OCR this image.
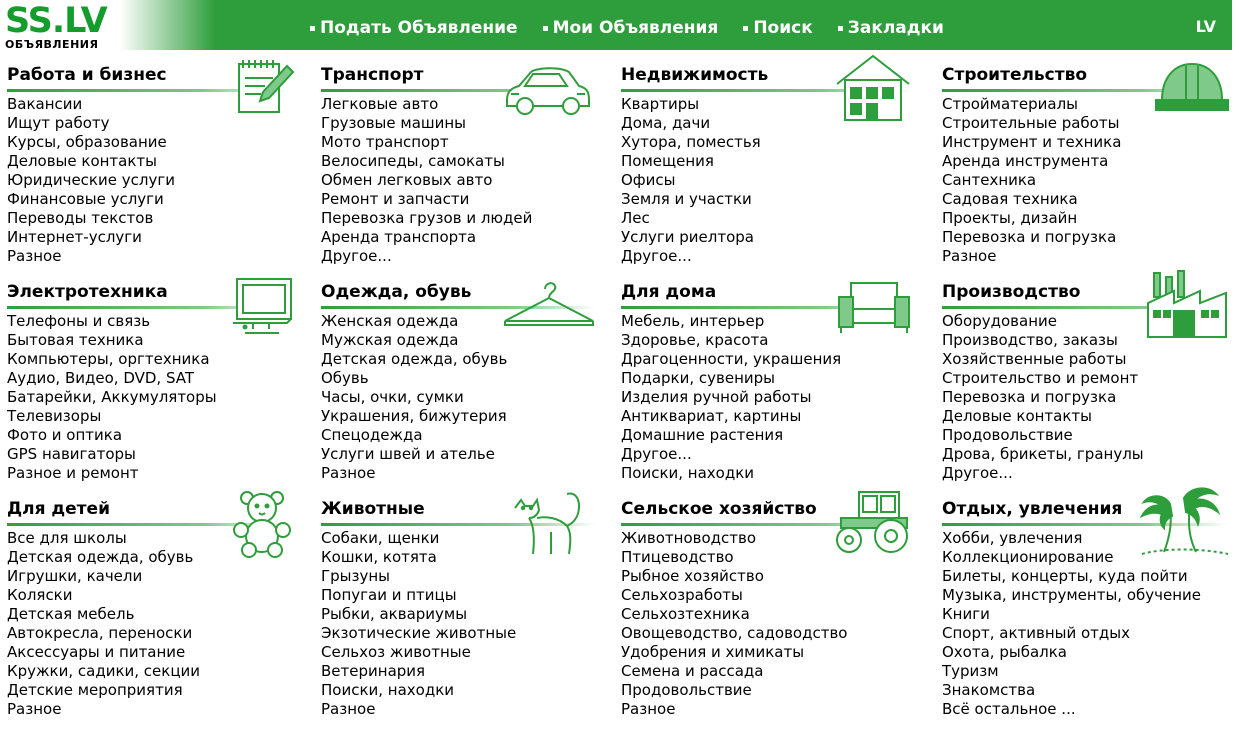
SS.LV
ОБЪЯВЛЕНИЯ
Подать Объявление Мои Объявления Поиск Закладки	LV
Работа и бизнес
Вакансии
Ищут работу
Курсы, образование
Деловые контакты
Юридические услуги
Финансовые услуги
Переводы текстов
Интернет-услуги
Разное
Транспорт
Легковые авто
Грузовые машины
Мото транспорт
Велосипеды, самокаты
Обмен легковых авто
Ремонт и запчасти
Перевозка грузов и людей
Аренда транспорта
Другое...
Недвижимость
Квартиры
Дома, дачи
Хутора, поместья
Помещения
Офисы
Земля и участки
Лес
Услуги риелтора
Другое...
Строительство
Стройматериалы
Строительные работы
Инструмент и техника
Аренда инструмента
Сантехника
Садовая техника
Проекты, дизайн
Перевозка и погрузка
Разное
Электротехника
Телефоны и связь
Бытовая техника
Компьютеры, оргтехника
Аудио, Видео, DVD, SAT
Батарейки, Аккумуляторы
Телевизоры
Фото и оптика
GPS навигаторы
Разное и ремонт
Одежда, обувь
Женская одежда
Мужская одежда
Детская одежда, обувь
Обувь
Часы, очки, сумки
Украшения, бижутерия
Спецодежда
Услуги швей и ателье
Разное
Для дома
Мебель, интерьер
Здоровье, красота
Драгоценности, украшения
Подарки, сувениры
Изделия ручной работы
Антиквариат, картины
Домашние растения
Другое...
Поиски, находки
Производство
Оборудование
Производство, заказы
Хозяйственные работы
Строительство и ремонт
Перевозка и погрузка
Деловые контакты
Продовольствие
Дрова, брикеты, гранулы
Другое...
Для детей
Все для школы
Детская одежда, обувь
Игрушки, качели
Коляски
Детская мебель
Автокресла, переноски
Аксессуары и питание
Кружки, садики, секции
Детские мероприятия
Разное
Животные
Собаки, щенки
Кошки, котята
Грызуны
Попугаи и птицы
Рыбки, аквариумы
Экзотические животные
Сельхоз животные
Ветеринария
Поиски, находки
Разное
Сельское хозяйство
Животноводство
Птицеводство
Рыбное хозяйство
Сельхозработы
Сельхозтехника
Овощеводство, садоводство
Удобрения и химикаты
Семена и рассада
Продовольствие
Разное
Отдых, увлечения
Хобби, увлечения
Коллекционирование
Билеты, концерты, куда пойти
Музыка, инструменты, обучение
Книги
Спорт, активный отдых
Охота, рыбалка
Туризм
Знакомства
Всё остальное ...
